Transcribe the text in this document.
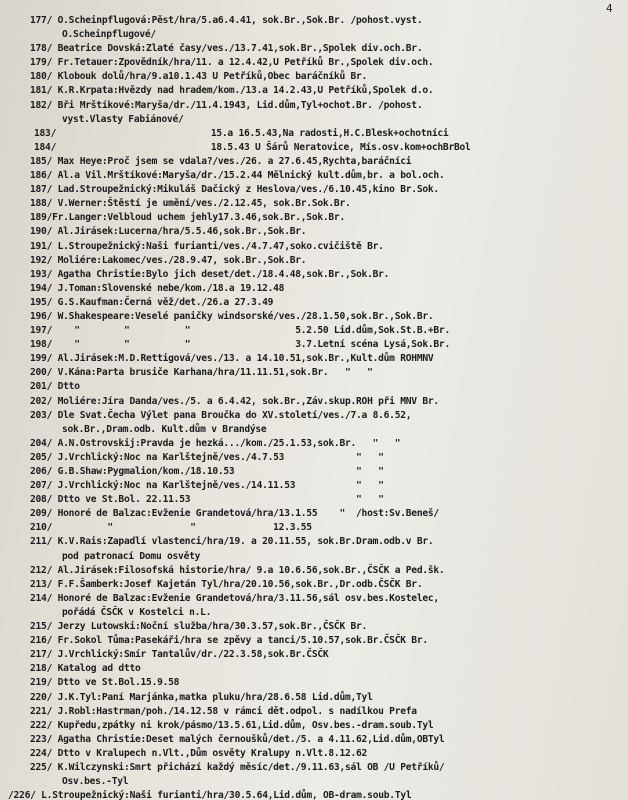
4
177/ O.Scheinpflugová:Pěst/hra/5.a6.4.41, sok.Br.,Sok.Br. /pohost.vyst.
O.Scheinpflugové/
178/ Beatrice Dovská:Zlaté časy/ves./13.7.41,sok.Br.,Spolek div.och.Br.
179/ Fr.Tetauer:Zpovědník/hra/11. a 12.4.42,U Petříků Br.,Spolek div.och.
180/ Klobouk dolů/hra/9.a10.1.43 U Petříků,Obec baráčníků Br.
181/ K.R.Krpata:Hvězdy nad hradem/kom./13.a 14.2.43,U Petříků,Spolek d.o.
182/ Bři Mrštíkové:Maryša/dr./11.4.1943, Lid.dům,Tyl+ochot.Br. /pohost.
vyst.Vlasty Fabiánové/
183/                            15.a 16.5.43,Na radosti,H.C.Blesk+ochotníci
184/                            18.5.43 U Šárů Neratovice, Mís.osv.kom+ochBrBol
185/ Max Heye:Proč jsem se vdala?/ves./26. a 27.6.45,Rychta,baráčníci
186/ Al.a Vil.Mrštíkové:Maryša/dr./15.2.44 Mělnický kult.dům,br. a bol.och.
187/ Lad.Stroupežnický:Mikuláš Dačický z Heslova/ves./6.10.45,kino Br.Sok.
188/ V.Werner:Štěstí je umění/ves./2.12.45, sok.Br.Sok.Br.
189/Fr.Langer:Velbloud uchem jehly17.3.46,sok.Br.,Sok.Br.
190/ Al.Jirásek:Lucerna/hra/5.5.46,sok.Br.,Sok.Br.
191/ L.Stroupežnický:Naši furianti/ves./4.7.47,soko.cvičiště Br.
192/ Moliére:Lakomec/ves./28.9.47, sok.Br.,Sok.Br.
193/ Agatha Christie:Bylo jich deset/det./18.4.48,sok.Br.,Sok.Br.
194/ J.Toman:Slovenské nebe/kom./18.a 19.12.48
195/ G.S.Kaufman:Černá věž/det./26.a 27.3.49
196/ W.Shakespeare:Veselé paničky windsorské/ves./28.1.50,sok.Br.,Sok.Br.
197/    "        "          "                   5.2.50 Lid.dům,Sok.St.B.+Br.
198/    "        "          "                   3.7.Letní scéna Lysá,Sok.Br.
199/ Al.Jirásek:M.D.Rettigová/ves./13. a 14.10.51,sok.Br.,Kult.dům ROHMNV
200/ V.Kána:Parta brusiče Karhana/hra/11.11.51,sok.Br.   "   "
201/ Dtto
202/ Moliére:Jíra Danda/ves./5. a 6.4.42, sok.Br.,Záv.skup.ROH při MNV Br.
203/ Dle Svat.Čecha Výlet pana Broučka do XV.století/ves./7.a 8.6.52,
sok.Br.,Dram.odb. Kult.dům v Brandýse
204/ A.N.Ostrovskij:Pravda je hezká.../kom./25.1.53,sok.Br.   "   "
205/ J.Vrchlický:Noc na Karlštejně/ves./4.7.53             "   "
206/ G.B.Shaw:Pygmalion/kom./18.10.53                      "   "
207/ J.Vrchlický:Noc na Karlštejně/ves./14.11.53           "   "
208/ Dtto ve St.Bol. 22.11.53                              "   "
209/ Honoré de Balzac:Evženie Grandetová/hra/13.1.55    "  /host:Sv.Beneš/
210/          "              "              12.3.55
211/ K.V.Rais:Zapadlí vlastenci/hra/19. a 20.11.55, sok.Br.Dram.odb.v Br.
pod patronací Domu osvěty
212/ Al.Jirásek:Filosofská historie/hra/ 9.a 10.6.56,sok.Br.,ČSČK a Ped.šk.
213/ F.F.Šamberk:Josef Kajetán Tyl/hra/20.10.56,sok.Br.,Dr.odb.ČSČK Br.
214/ Honoré de Balzac:Evženie Grandetová/hra/3.11.56,sál osv.bes.Kostelec,
pořádá ČSČK v Kostelci n.L.
215/ Jerzy Lutowski:Noční služba/hra/30.3.57,sok.Br.,ČSČK Br.
216/ Fr.Sokol Tůma:Pasekáři/hra se zpěvy a tanci/5.10.57,sok.Br.ČSČK Br.
217/ J.Vrchlický:Smír Tantalův/dr./22.3.58,sok.Br.ČSČK
218/ Katalog ad dtto
219/ Dtto ve St.Bol.15.9.58
220/ J.K.Tyl:Paní Marjánka,matka pluku/hra/28.6.58 Lid.dům,Tyl
221/ J.Robl:Hastrman/poh./14.12.58 v rámci dět.odpol. s nadílkou Prefa
222/ Kupředu,zpátky ni krok/pásmo/13.5.61,Lid.dům, Osv.bes.-dram.soub.Tyl
223/ Agatha Christie:Deset malých černoušků/det./5. a 4.11.62,Lid.dům,OBTyl
224/ Dtto v Kralupech n.Vlt.,Dům osvěty Kralupy n.Vlt.8.12.62
225/ K.Wilczynski:Smrt přichází každý měsíc/det./9.11.63,sál OB /U Petříků/
Osv.bes.-Tyl
/226/ L.Stroupežnický:Naši furianti/hra/30.5.64,Lid.dům, OB-dram.soub.Tyl
